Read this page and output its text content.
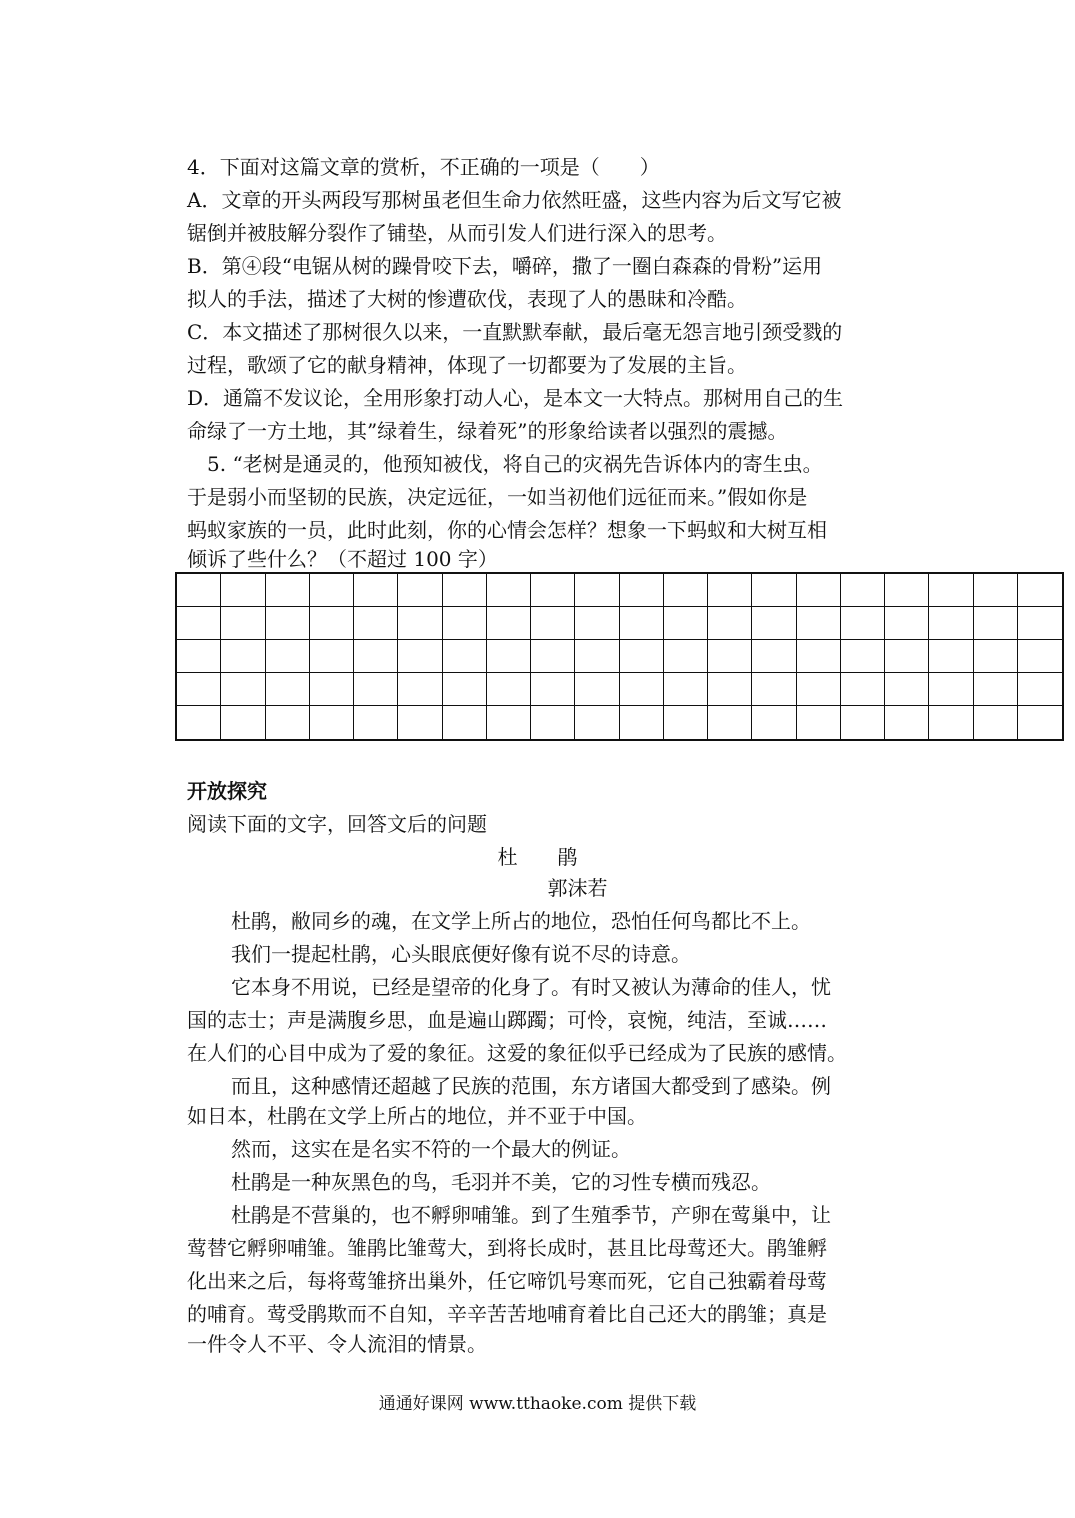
4．下面对这篇文章的赏析，不正确的一项是（　　）
A．文章的开头两段写那树虽老但生命力依然旺盛，这些内容为后文写它被
锯倒并被肢解分裂作了铺垫，从而引发人们进行深入的思考。
B．第④段“电锯从树的躁骨咬下去，嚼碎，撒了一圈白森森的骨粉”运用
拟人的手法，描述了大树的惨遭砍伐，表现了人的愚昧和冷酷。
C．本文描述了那树很久以来，一直默默奉献，最后毫无怨言地引颈受戮的
过程，歌颂了它的献身精神，体现了一切都要为了发展的主旨。
D．通篇不发议论，全用形象打动人心，是本文一大特点。那树用自己的生
命绿了一方土地，其”绿着生，绿着死”的形象给读者以强烈的震撼。
5. “老树是通灵的，他预知被伐，将自己的灾祸先告诉体内的寄生虫。
于是弱小而坚韧的民族，决定远征，一如当初他们远征而来。”假如你是
蚂蚁家族的一员，此时此刻，你的心情会怎样？想象一下蚂蚁和大树互相
倾诉了些什么？（不超过 100 字）
开放探究
阅读下面的文字，回答文后的问题
杜　　鹃
郭沫若
杜鹃，敝同乡的魂，在文学上所占的地位，恐怕任何鸟都比不上。
我们一提起杜鹃，心头眼底便好像有说不尽的诗意。
它本身不用说，已经是望帝的化身了。有时又被认为薄命的佳人，忧
国的志士；声是满腹乡思，血是遍山踯躅；可怜，哀惋，纯洁，至诚……
在人们的心目中成为了爱的象征。这爱的象征似乎已经成为了民族的感情。
而且，这种感情还超越了民族的范围，东方诸国大都受到了感染。例
如日本，杜鹃在文学上所占的地位，并不亚于中国。
然而，这实在是名实不符的一个最大的例证。
杜鹃是一种灰黑色的鸟，毛羽并不美，它的习性专横而残忍。
杜鹃是不营巢的，也不孵卵哺雏。到了生殖季节，产卵在莺巢中，让
莺替它孵卵哺雏。雏鹃比雏莺大，到将长成时，甚且比母莺还大。鹃雏孵
化出来之后，每将莺雏挤出巢外，任它啼饥号寒而死，它自己独霸着母莺
的哺育。莺受鹃欺而不自知，辛辛苦苦地哺育着比自己还大的鹃雏；真是
一件令人不平、令人流泪的情景。
通通好课网 www.tthaoke.com 提供下载
